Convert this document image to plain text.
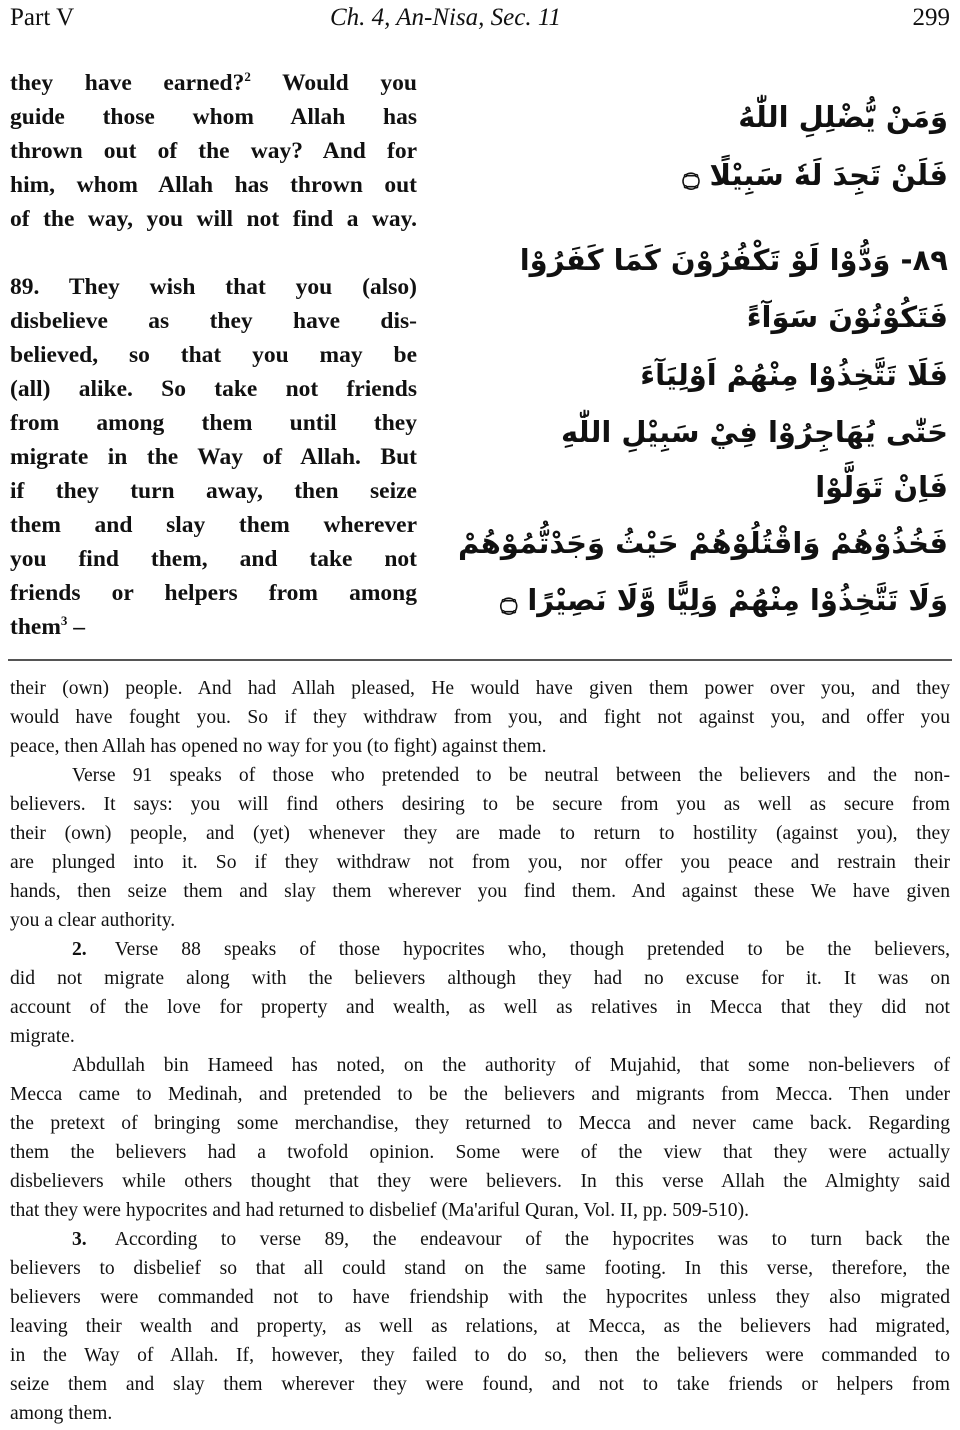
Part V	Ch. 4, An-Nisa, Sec. 11	299
they have earned?$^2$ Would you
guide those whom Allah has
thrown out of the way? And for
him, whom Allah has thrown out
of the way, you will not find a way.
89. They wish that you (also)
disbelieve as they have dis-
believed, so that you may be
(all) alike. So take not friends
from among them until they
migrate in the Way of Allah. But
if they turn away, then seize
them and slay them wherever
you find them, and take not
friends or helpers from among
them$^3$ –
وَمَنْ يُّضْلِلِ اللّٰهُ
فَلَنْ تَجِدَ لَهٗ سَبِيْلًا ۝
٨٩- وَدُّوْا لَوْ تَكْفُرُوْنَ كَمَا كَفَرُوْا
فَتَكُوْنُوْنَ سَوَآءً
فَلَا تَتَّخِذُوْا مِنْهُمْ اَوْلِيَآءَ
حَتّٰى يُهَاجِرُوْا فِيْ سَبِيْلِ اللّٰهِ
فَاِنْ تَوَلَّوْا
فَخُذُوْهُمْ وَاقْتُلُوْهُمْ حَيْثُ وَجَدْتُّمُوْهُمْ
وَلَا تَتَّخِذُوْا مِنْهُمْ وَلِيًّا وَّلَا نَصِيْرًا ۝
their (own) people. And had Allah pleased, He would have given them power over you, and they
would have fought you. So if they withdraw from you, and fight not against you, and offer you
peace, then Allah has opened no way for you (to fight) against them.
Verse 91 speaks of those who pretended to be neutral between the believers and the non-
believers. It says: you will find others desiring to be secure from you as well as secure from
their (own) people, and (yet) whenever they are made to return to hostility (against you), they
are plunged into it. So if they withdraw not from you, nor offer you peace and restrain their
hands, then seize them and slay them wherever you find them. And against these We have given
you a clear authority.
2. Verse 88 speaks of those hypocrites who, though pretended to be the believers,
did not migrate along with the believers although they had no excuse for it. It was on
account of the love for property and wealth, as well as relatives in Mecca that they did not
migrate.
Abdullah bin Hameed has noted, on the authority of Mujahid, that some non-believers of
Mecca came to Medinah, and pretended to be the believers and migrants from Mecca. Then under
the pretext of bringing some merchandise, they returned to Mecca and never came back. Regarding
them the believers had a twofold opinion. Some were of the view that they were actually
disbelievers while others thought that they were believers. In this verse Allah the Almighty said
that they were hypocrites and had returned to disbelief (Ma'ariful Quran, Vol. II, pp. 509-510).
3. According to verse 89, the endeavour of the hypocrites was to turn back the
believers to disbelief so that all could stand on the same footing. In this verse, therefore, the
believers were commanded not to have friendship with the hypocrites unless they also migrated
leaving their wealth and property, as well as relations, at Mecca, as the believers had migrated,
in the Way of Allah. If, however, they failed to do so, then the believers were commanded to
seize them and slay them wherever they were found, and not to take friends or helpers from
among them.
